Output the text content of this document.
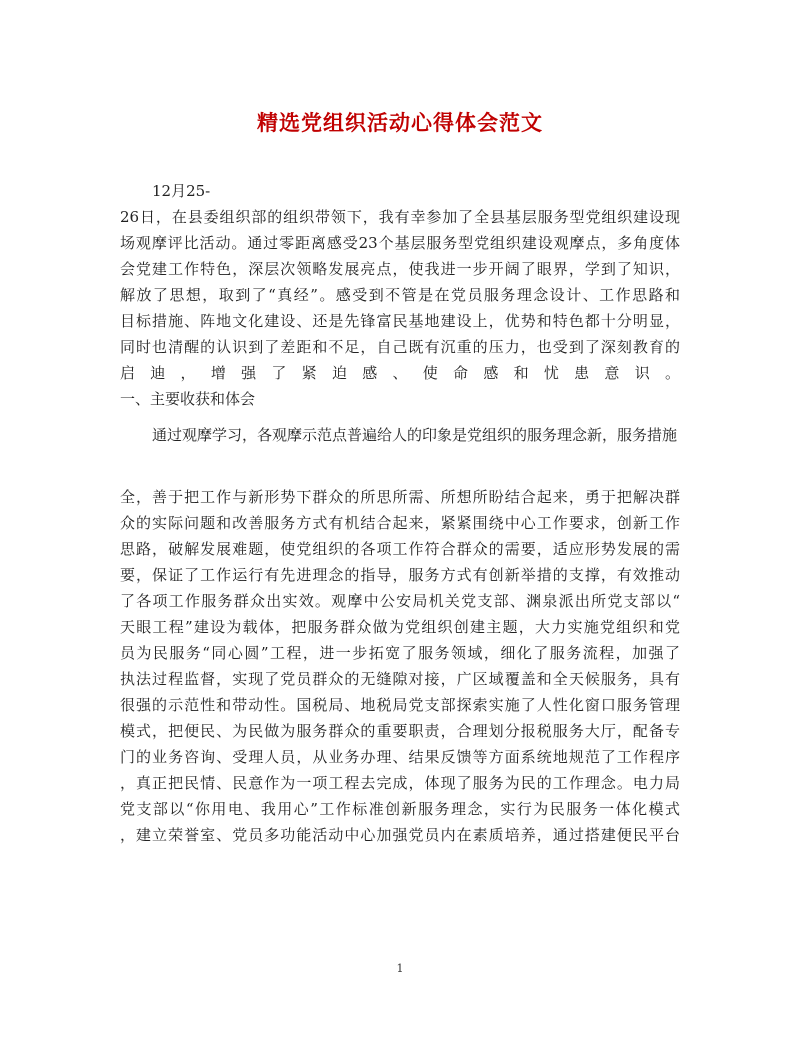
精选党组织活动心得体会范文
12月25-
26日，在县委组织部的组织带领下，我有幸参加了全县基层服务型党组织建设现
场观摩评比活动。通过零距离感受23个基层服务型党组织建设观摩点，多角度体
会党建工作特色，深层次领略发展亮点，使我进一步开阔了眼界，学到了知识，
解放了思想，取到了“真经”。感受到不管是在党员服务理念设计、工作思路和
目标措施、阵地文化建设、还是先锋富民基地建设上，优势和特色都十分明显，
同时也清醒的认识到了差距和不足，自己既有沉重的压力，也受到了深刻教育的
启迪，增强了紧迫感、使命感和忧患意识。
一、主要收获和体会
通过观摩学习，各观摩示范点普遍给人的印象是党组织的服务理念新，服务措施
全，善于把工作与新形势下群众的所思所需、所想所盼结合起来，勇于把解决群
众的实际问题和改善服务方式有机结合起来，紧紧围绕中心工作要求，创新工作
思路，破解发展难题，使党组织的各项工作符合群众的需要，适应形势发展的需
要，保证了工作运行有先进理念的指导，服务方式有创新举措的支撑，有效推动
了各项工作服务群众出实效。观摩中公安局机关党支部、渊泉派出所党支部以“
天眼工程”建设为载体，把服务群众做为党组织创建主题，大力实施党组织和党
员为民服务“同心圆”工程，进一步拓宽了服务领域，细化了服务流程，加强了
执法过程监督，实现了党员群众的无缝隙对接，广区域覆盖和全天候服务，具有
很强的示范性和带动性。国税局、地税局党支部探索实施了人性化窗口服务管理
模式，把便民、为民做为服务群众的重要职责，合理划分报税服务大厅，配备专
门的业务咨询、受理人员，从业务办理、结果反馈等方面系统地规范了工作程序
，真正把民情、民意作为一项工程去完成，体现了服务为民的工作理念。电力局
党支部以“你用电、我用心”工作标准创新服务理念，实行为民服务一体化模式
，建立荣誉室、党员多功能活动中心加强党员内在素质培养，通过搭建便民平台
1
